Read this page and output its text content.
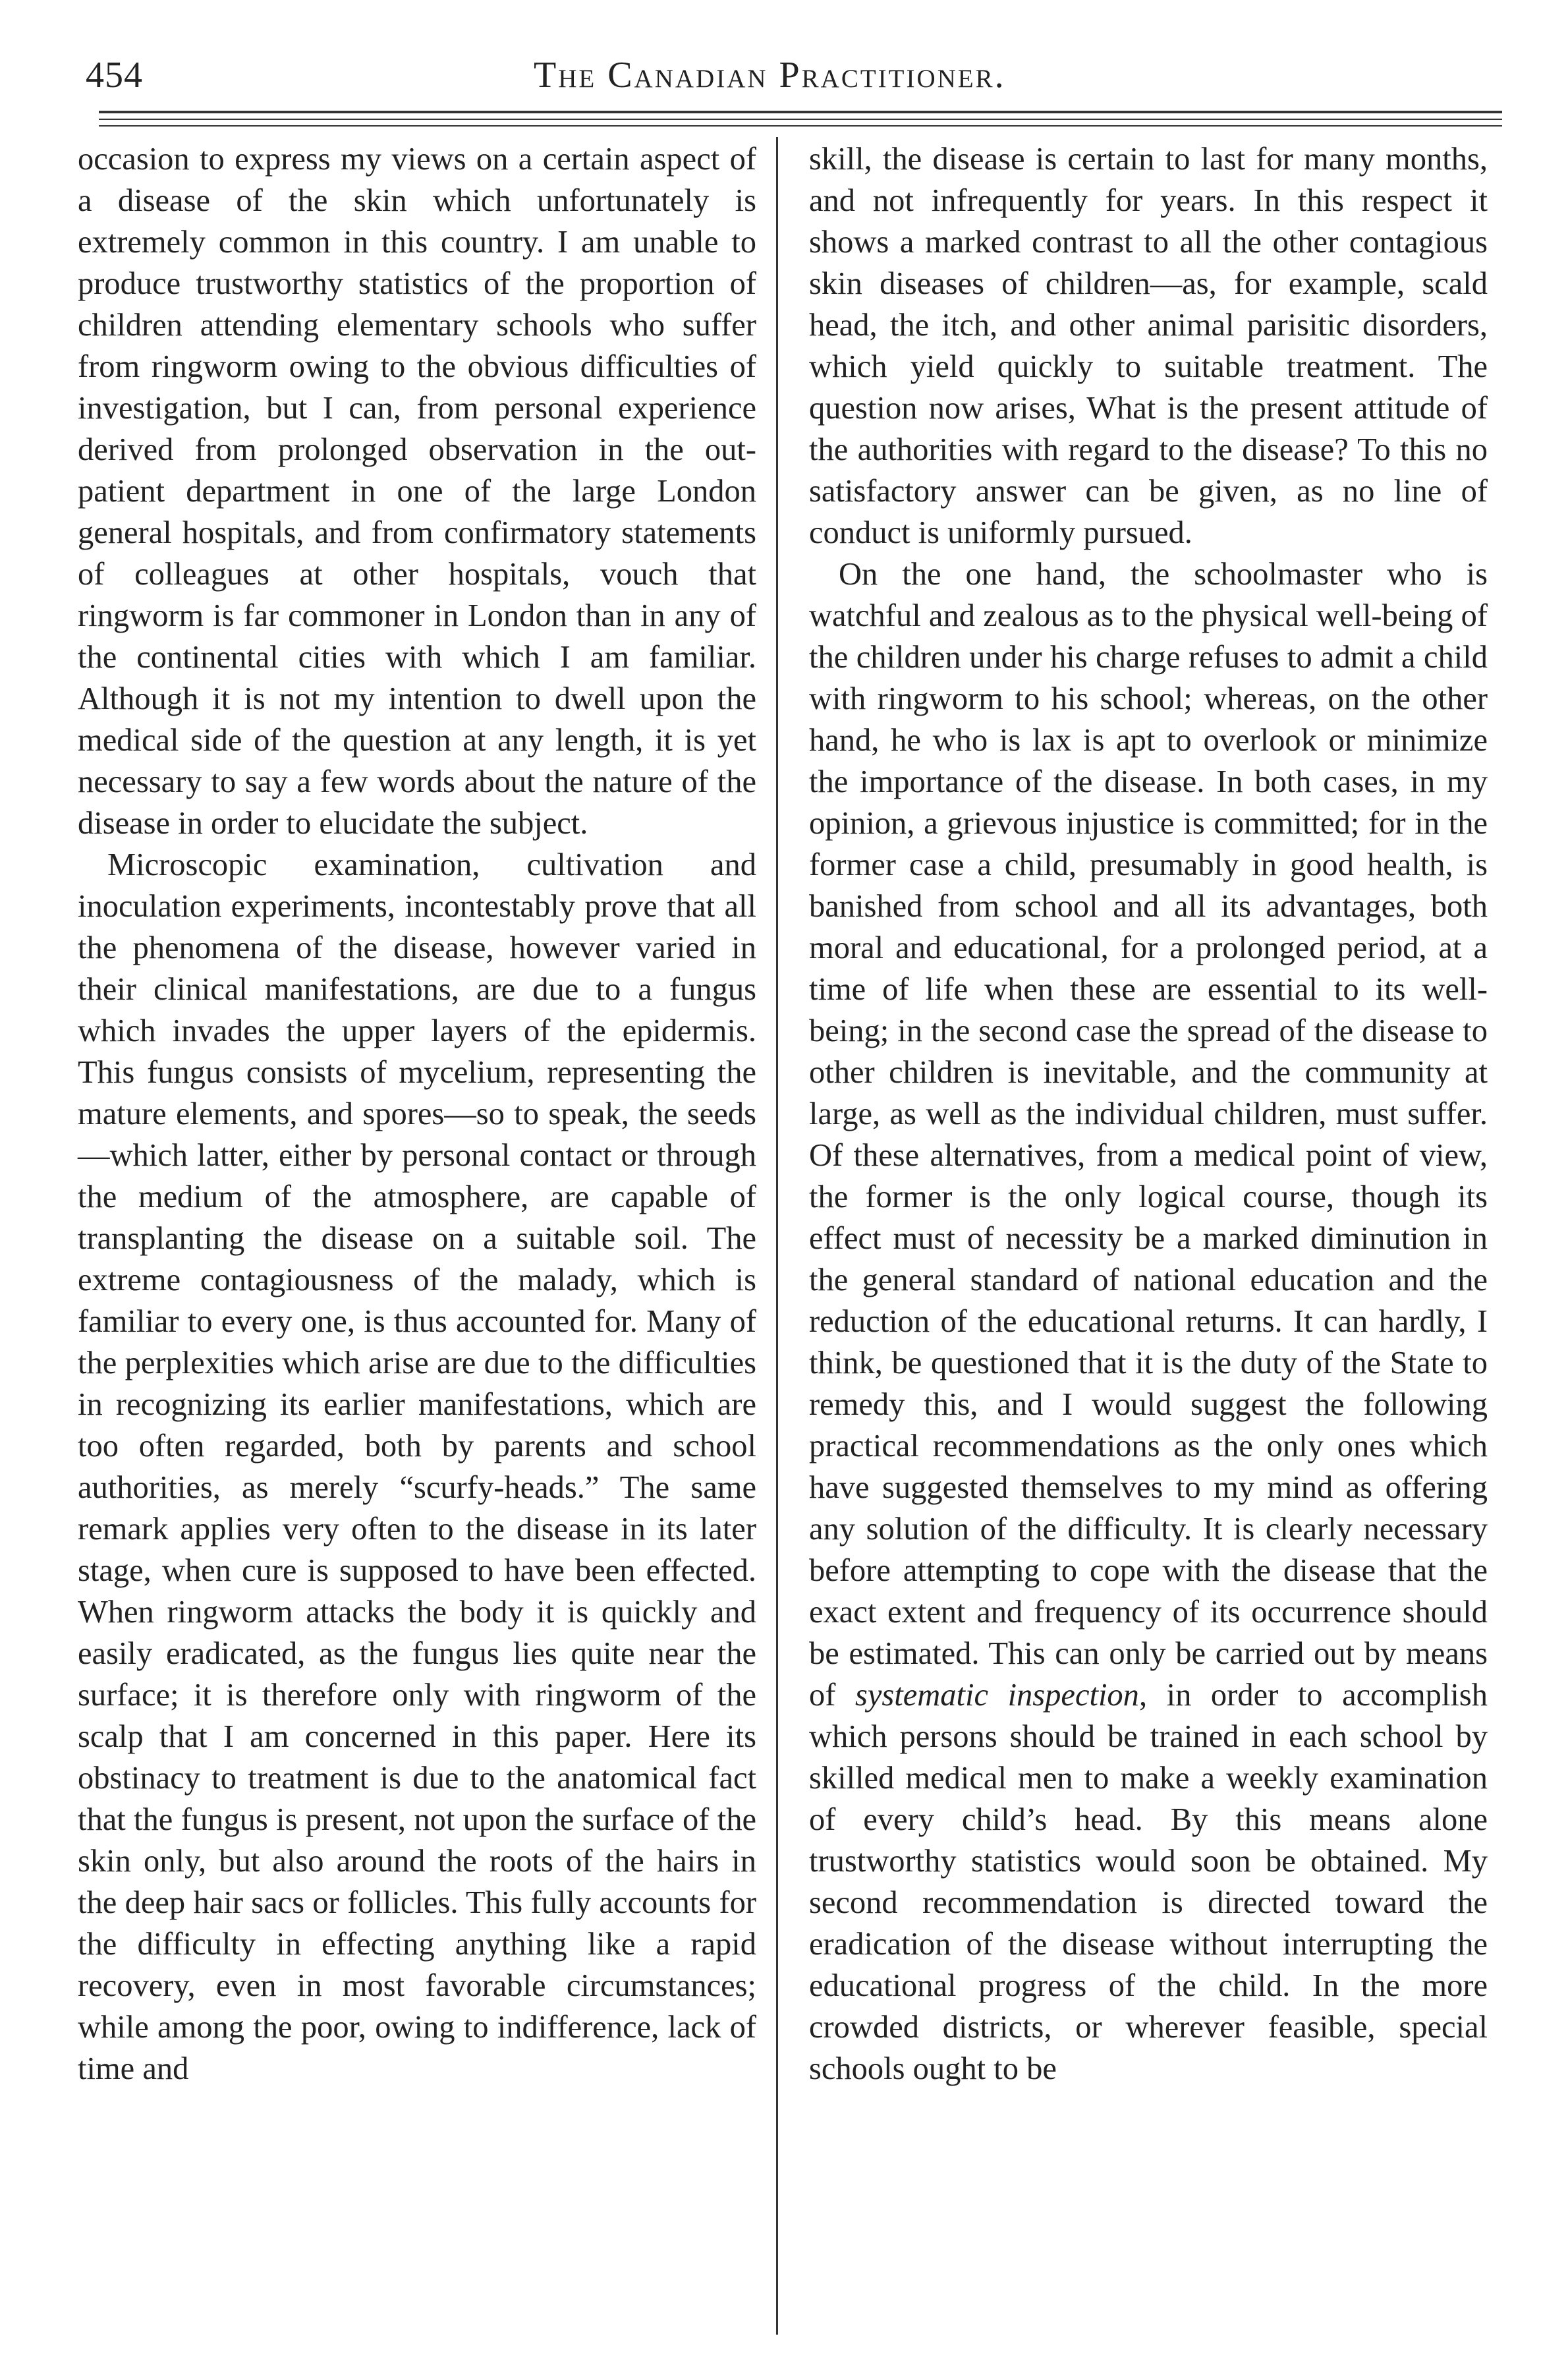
454	The Canadian Practitioner.

occasion to express my views on a certain aspect of a disease of the skin which unfortunately is extremely common in this country. I am unable to produce trustworthy statistics of the proportion of children attending elementary schools who suffer from ringworm owing to the obvious difficulties of investigation, but I can, from personal experience derived from prolonged observation in the out-patient department in one of the large London general hospitals, and from confirmatory statements of colleagues at other hospitals, vouch that ringworm is far commoner in London than in any of the continental cities with which I am familiar. Although it is not my intention to dwell upon the medical side of the question at any length, it is yet necessary to say a few words about the nature of the disease in order to elucidate the subject.

Microscopic examination, cultivation and inoculation experiments, incontestably prove that all the phenomena of the disease, however varied in their clinical manifestations, are due to a fungus which invades the upper layers of the epidermis. This fungus consists of mycelium, representing the mature elements, and spores—so to speak, the seeds—which latter, either by personal contact or through the medium of the atmosphere, are capable of transplanting the disease on a suitable soil. The extreme contagiousness of the malady, which is familiar to every one, is thus accounted for. Many of the perplexities which arise are due to the difficulties in recognizing its earlier manifestations, which are too often regarded, both by parents and school authorities, as merely “scurfy-heads.” The same remark applies very often to the disease in its later stage, when cure is supposed to have been effected. When ringworm attacks the body it is quickly and easily eradicated, as the fungus lies quite near the surface; it is therefore only with ringworm of the scalp that I am concerned in this paper. Here its obstinacy to treatment is due to the anatomical fact that the fungus is present, not upon the surface of the skin only, but also around the roots of the hairs in the deep hair sacs or follicles. This fully accounts for the difficulty in effecting anything like a rapid recovery, even in most favorable circumstances; while among the poor, owing to indifference, lack of time and

skill, the disease is certain to last for many months, and not infrequently for years. In this respect it shows a marked contrast to all the other contagious skin diseases of children—as, for example, scald head, the itch, and other animal parisitic disorders, which yield quickly to suitable treatment. The question now arises, What is the present attitude of the authorities with regard to the disease? To this no satisfactory answer can be given, as no line of conduct is uniformly pursued.

On the one hand, the schoolmaster who is watchful and zealous as to the physical well-being of the children under his charge refuses to admit a child with ringworm to his school; whereas, on the other hand, he who is lax is apt to overlook or minimize the importance of the disease. In both cases, in my opinion, a grievous injustice is committed; for in the former case a child, presumably in good health, is banished from school and all its advantages, both moral and educational, for a prolonged period, at a time of life when these are essential to its well-being; in the second case the spread of the disease to other children is inevitable, and the community at large, as well as the individual children, must suffer. Of these alternatives, from a medical point of view, the former is the only logical course, though its effect must of necessity be a marked diminution in the general standard of national education and the reduction of the educational returns. It can hardly, I think, be questioned that it is the duty of the State to remedy this, and I would suggest the following practical recommendations as the only ones which have suggested themselves to my mind as offering any solution of the difficulty. It is clearly necessary before attempting to cope with the disease that the exact extent and frequency of its occurrence should be estimated. This can only be carried out by means of systematic inspection, in order to accomplish which persons should be trained in each school by skilled medical men to make a weekly examination of every child’s head. By this means alone trustworthy statistics would soon be obtained. My second recommendation is directed toward the eradication of the disease without interrupting the educational progress of the child. In the more crowded districts, or wherever feasible, special schools ought to be
